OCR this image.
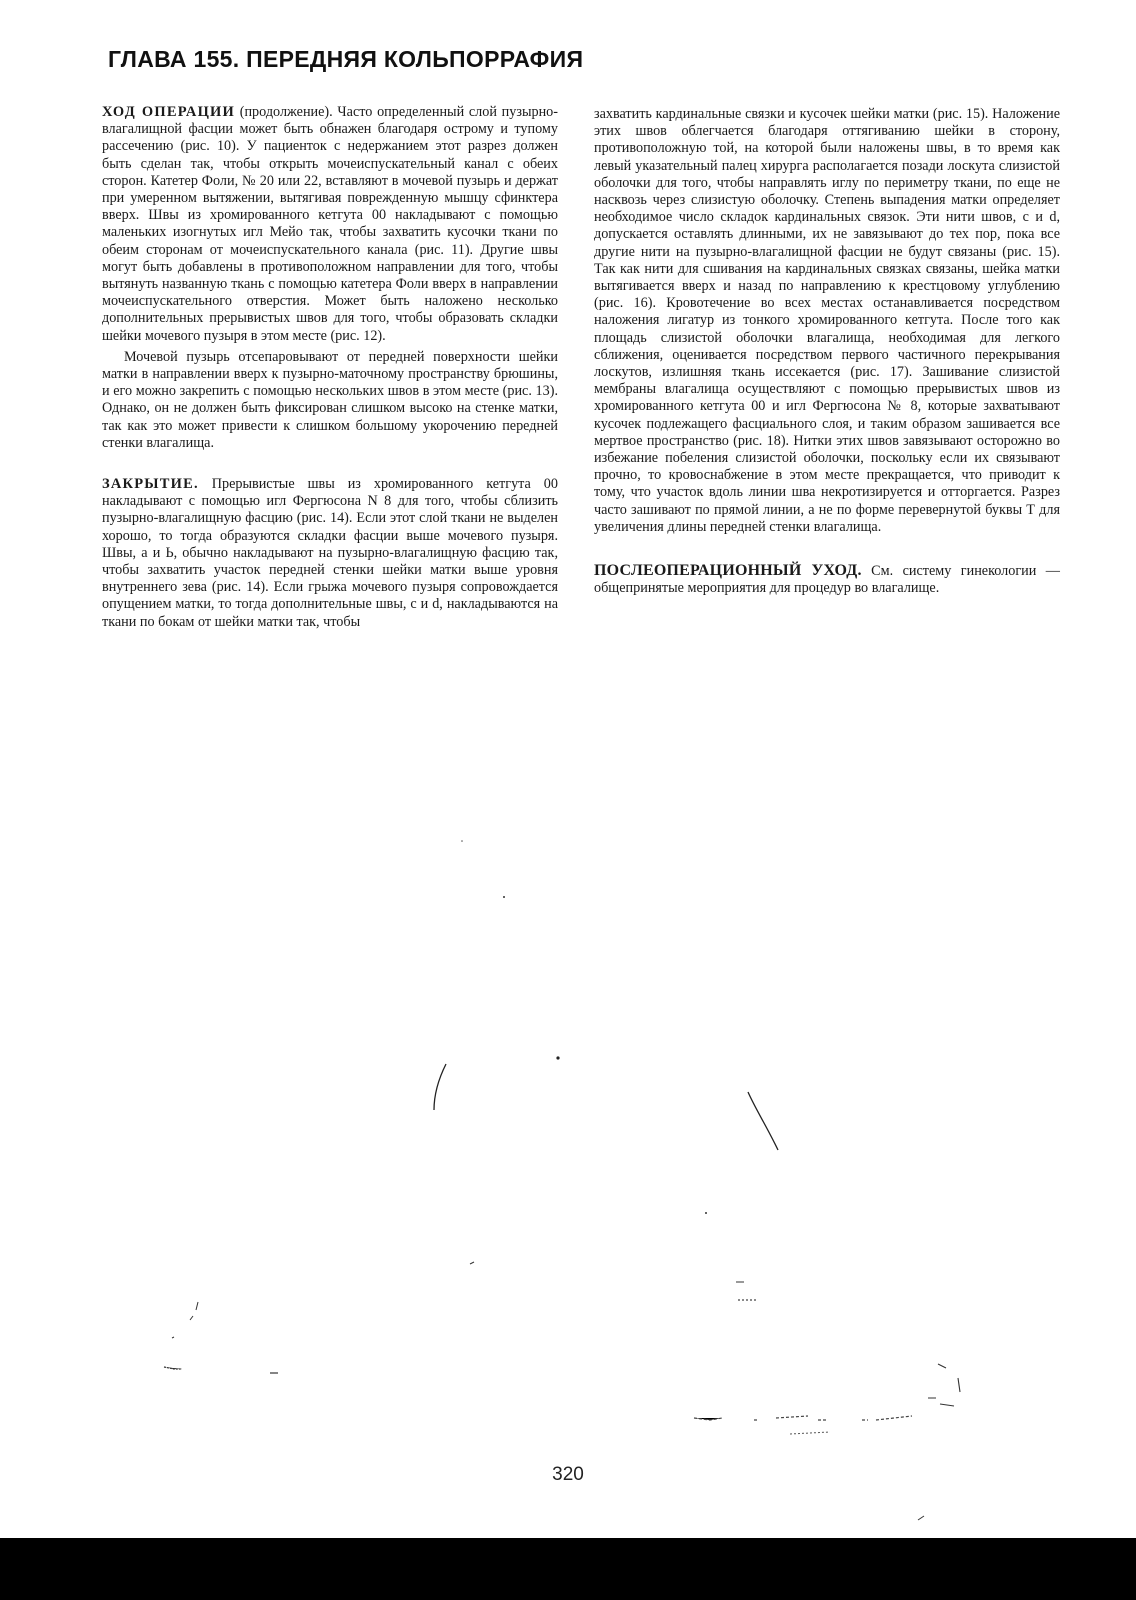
ГЛАВА 155. ПЕРЕДНЯЯ КОЛЬПОРРАФИЯ

ХОД ОПЕРАЦИИ (продолжение). Часто определенный слой пузырно-влагалищной фасции может быть обнажен благодаря острому и тупому рассечению (рис. 10). У пациенток с недержанием этот разрез должен быть сделан так, чтобы открыть мочеиспускательный канал с обеих сторон. Катетер Фоли, № 20 или 22, вставляют в мочевой пузырь и держат при умеренном вытяжении, вытягивая поврежденную мышцу сфинктера вверх. Швы из хромированного кетгута 00 накладывают с помощью маленьких изогнутых игл Мейо так, чтобы захватить кусочки ткани по обеим сторонам от мочеиспускательного канала (рис. 11). Другие швы могут быть добавлены в противоположном направлении для того, чтобы вытянуть названную ткань с помощью катетера Фоли вверх в направлении мочеиспускательного отверстия. Может быть наложено несколько дополнительных прерывистых швов для того, чтобы образовать складки шейки мочевого пузыря в этом месте (рис. 12).

Мочевой пузырь отсепаровывают от передней поверхности шейки матки в направлении вверх к пузырно-маточному пространству брюшины, и его можно закрепить с помощью нескольких швов в этом месте (рис. 13). Однако, он не должен быть фиксирован слишком высоко на стенке матки, так как это может привести к слишком большому укорочению передней стенки влагалища.

ЗАКРЫТИЕ. Прерывистые швы из хромированного кетгута 00 накладывают с помощью игл Фергюсона N 8 для того, чтобы сблизить пузырно-влагалищную фасцию (рис. 14). Если этот слой ткани не выделен хорошо, то тогда образуются складки фасции выше мочевого пузыря. Швы, а и Ь, обычно накладывают на пузырно-влагалищную фасцию так, чтобы захватить участок передней стенки шейки матки выше уровня внутреннего зева (рис. 14). Если грыжа мочевого пузыря сопровождается опущением матки, то тогда дополнительные швы, с и d, накладываются на ткани по бокам от шейки матки так, чтобы

захватить кардинальные связки и кусочек шейки матки (рис. 15). Наложение этих швов облегчается благодаря оттягиванию шейки в сторону, противоположную той, на которой были наложены швы, в то время как левый указательный палец хирурга располагается позади лоскута слизистой оболочки для того, чтобы направлять иглу по периметру ткани, по еще не насквозь через слизистую оболочку. Степень выпадения матки определяет необходимое число складок кардинальных связок. Эти нити швов, с и d, допускается оставлять длинными, их не завязывают до тех пор, пока все другие нити на пузырно-влагалищной фасции не будут связаны (рис. 15). Так как нити для сшивания на кардинальных связках связаны, шейка матки вытягивается вверх и назад по направлению к крестцовому углублению (рис. 16). Кровотечение во всех местах останавливается посредством наложения лигатур из тонкого хромированного кетгута. После того как площадь слизистой оболочки влагалища, необходимая для легкого сближения, оценивается посредством первого частичного перекрывания лоскутов, излишняя ткань иссекается (рис. 17). Зашивание слизистой мембраны влагалища осуществляют с помощью прерывистых швов из хромированного кетгута 00 и игл Фергюсона № 8, которые захватывают кусочек подлежащего фасциального слоя, и таким образом зашивается все мертвое пространство (рис. 18). Нитки этих швов завязывают осторожно во избежание побеления слизистой оболочки, поскольку если их связывают прочно, то кровоснабжение в этом месте прекращается, что приводит к тому, что участок вдоль линии шва некротизируется и отторгается. Разрез часто зашивают по прямой линии, а не по форме перевернутой буквы Т для увеличения длины передней стенки влагалища.

ПОСЛЕОПЕРАЦИОННЫЙ УХОД. См. систему гинекологии — общепринятые мероприятия для процедур во влагалище.

320
